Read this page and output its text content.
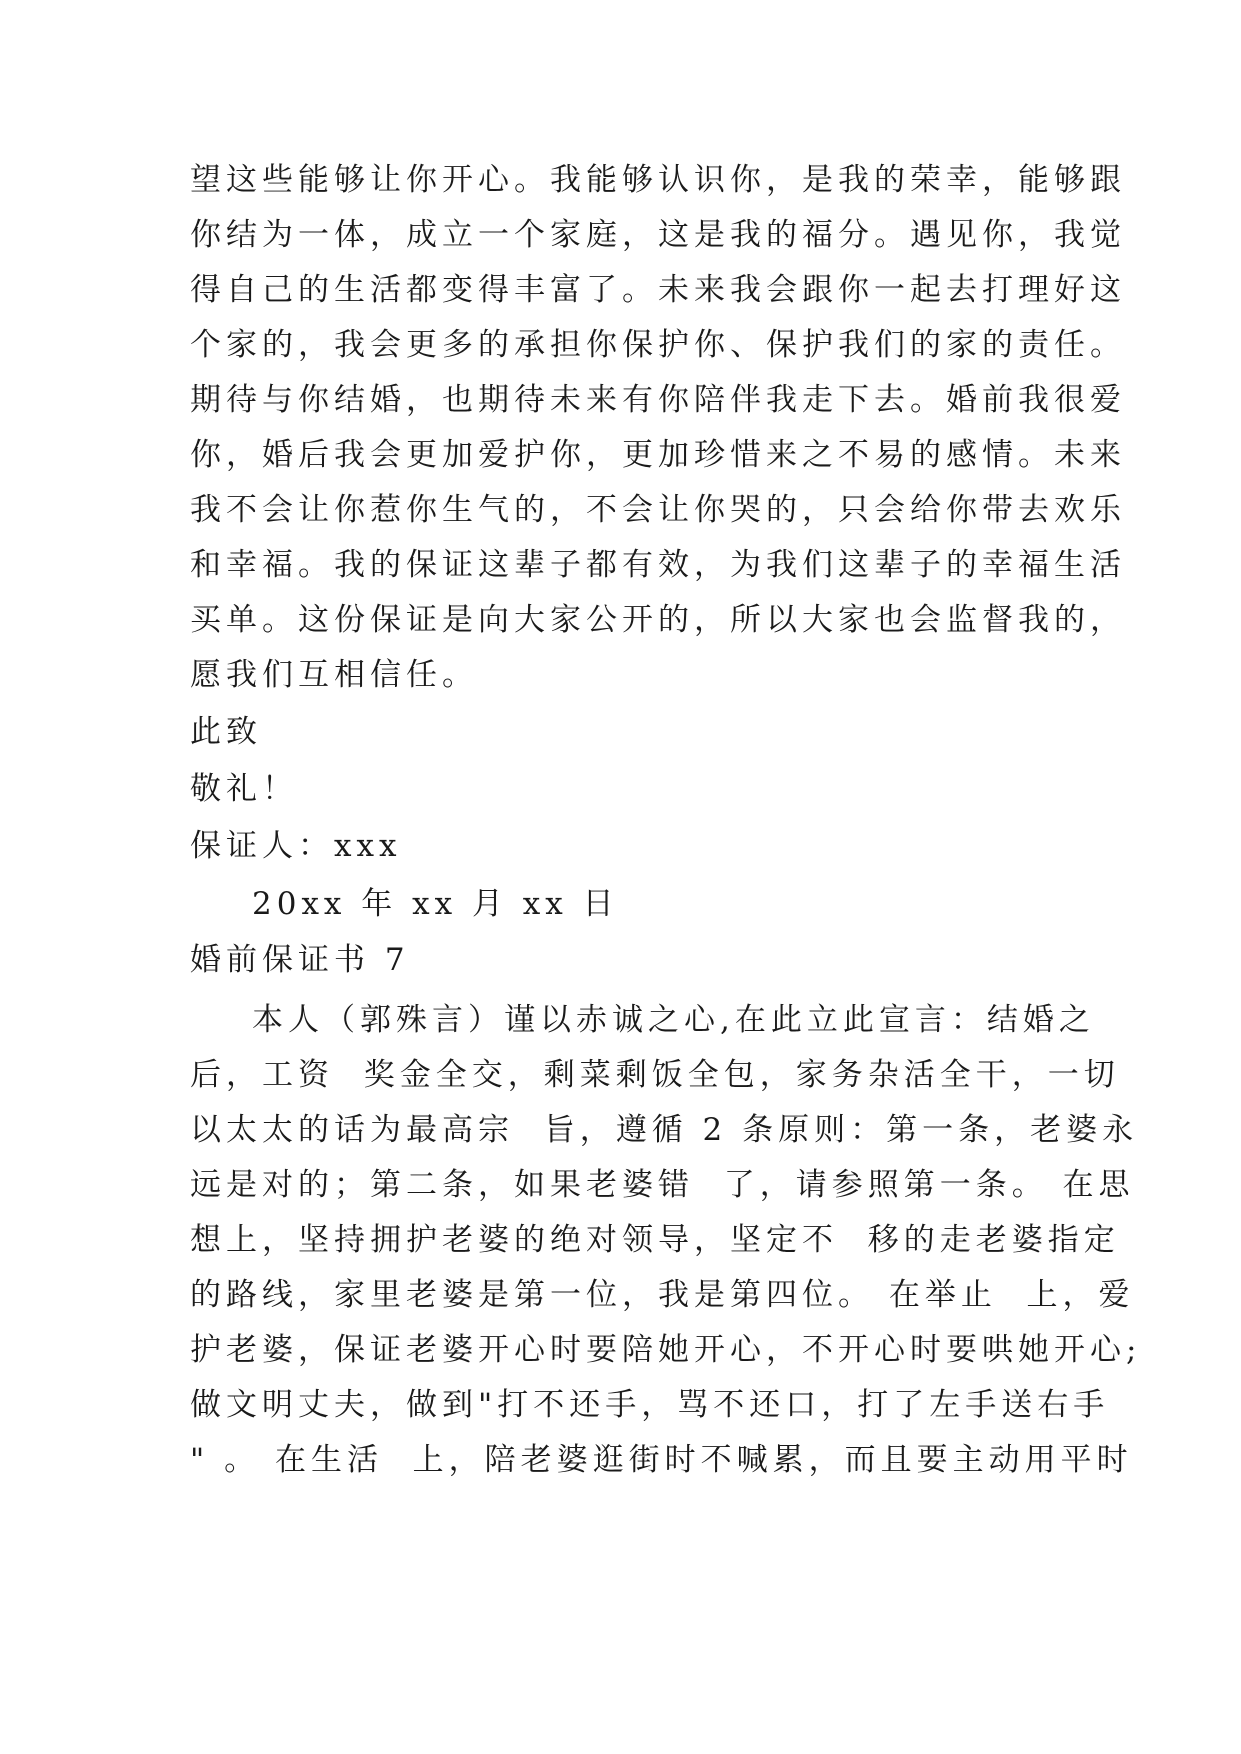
望这些能够让你开心。我能够认识你，是我的荣幸，能够跟
你结为一体，成立一个家庭，这是我的福分。遇见你，我觉
得自己的生活都变得丰富了。未来我会跟你一起去打理好这
个家的，我会更多的承担你保护你、保护我们的家的责任。
期待与你结婚，也期待未来有你陪伴我走下去。婚前我很爱
你，婚后我会更加爱护你，更加珍惜来之不易的感情。未来
我不会让你惹你生气的，不会让你哭的，只会给你带去欢乐
和幸福。我的保证这辈子都有效，为我们这辈子的幸福生活
买单。这份保证是向大家公开的，所以大家也会监督我的，
愿我们互相信任。
此致
敬礼！
保证人：xxx
20xx 年 xx 月 xx 日
婚前保证书 7
本人（郭殊言）谨以赤诚之心,在此立此宣言：结婚之
后，工资  奖金全交，剩菜剩饭全包，家务杂活全干，一切
以太太的话为最高宗  旨，遵循 2 条原则：第一条，老婆永
远是对的；第二条，如果老婆错  了，请参照第一条。 在思
想上，坚持拥护老婆的绝对领导，坚定不  移的走老婆指定
的路线，家里老婆是第一位，我是第四位。 在举止  上，爱
护老婆，保证老婆开心时要陪她开心，不开心时要哄她开心;
做文明丈夫，做到"打不还手，骂不还口，打了左手送右手
" 。 在生活  上，陪老婆逛街时不喊累，而且要主动用平时
